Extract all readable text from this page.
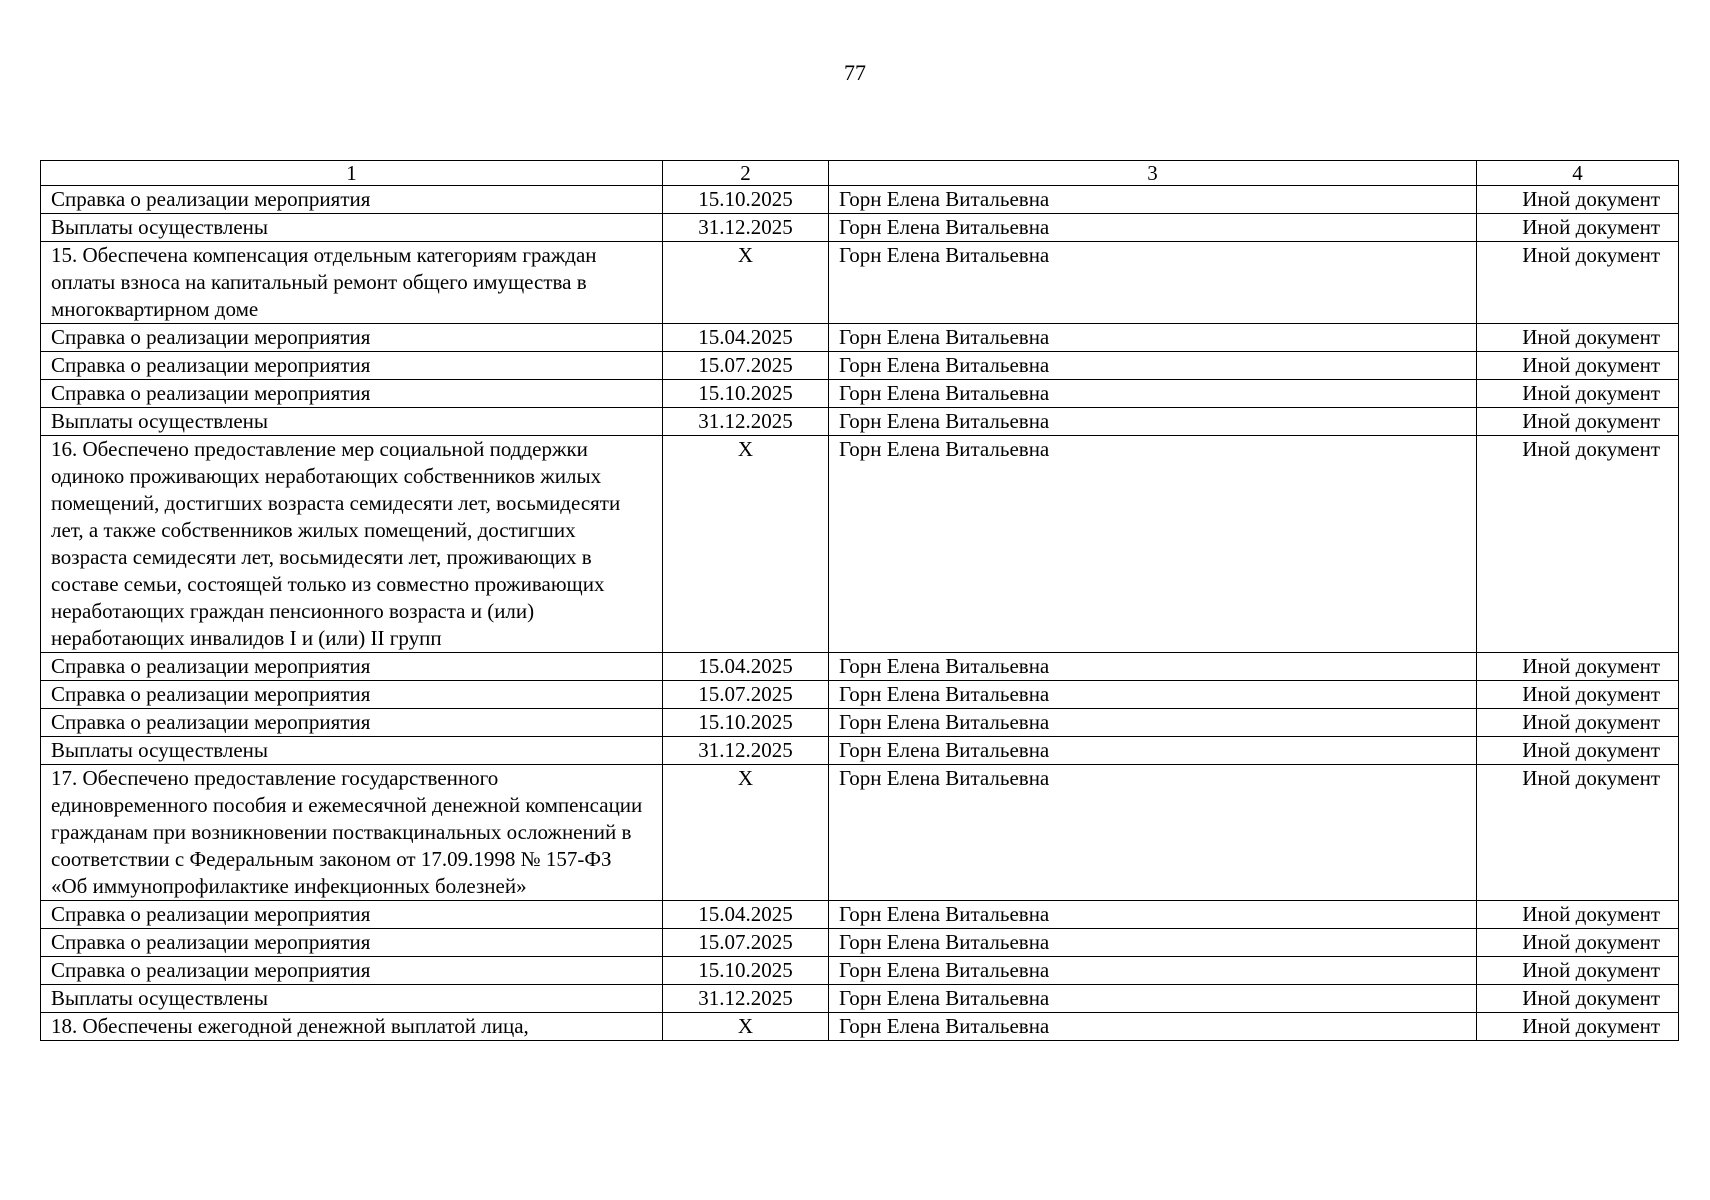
77
1	2	3	4
Справка о реализации мероприятия	15.10.2025	Горн Елена Витальевна	Иной документ
Выплаты осуществлены	31.12.2025	Горн Елена Витальевна	Иной документ
15. Обеспечена компенсация отдельным категориям граждан оплаты взноса на капитальный ремонт общего имущества в многоквартирном доме	X	Горн Елена Витальевна	Иной документ
Справка о реализации мероприятия	15.04.2025	Горн Елена Витальевна	Иной документ
Справка о реализации мероприятия	15.07.2025	Горн Елена Витальевна	Иной документ
Справка о реализации мероприятия	15.10.2025	Горн Елена Витальевна	Иной документ
Выплаты осуществлены	31.12.2025	Горн Елена Витальевна	Иной документ
16. Обеспечено предоставление мер социальной поддержки одиноко проживающих неработающих собственников жилых помещений, достигших возраста семидесяти лет, восьмидесяти лет, а также собственников жилых помещений, достигших возраста семидесяти лет, восьмидесяти лет, проживающих в составе семьи, состоящей только из совместно проживающих неработающих граждан пенсионного возраста и (или) неработающих инвалидов I и (или) II групп	X	Горн Елена Витальевна	Иной документ
Справка о реализации мероприятия	15.04.2025	Горн Елена Витальевна	Иной документ
Справка о реализации мероприятия	15.07.2025	Горн Елена Витальевна	Иной документ
Справка о реализации мероприятия	15.10.2025	Горн Елена Витальевна	Иной документ
Выплаты осуществлены	31.12.2025	Горн Елена Витальевна	Иной документ
17. Обеспечено предоставление государственного единовременного пособия и ежемесячной денежной компенсации гражданам при возникновении поствакцинальных осложнений в соответствии с Федеральным законом от 17.09.1998 № 157-ФЗ «Об иммунопрофилактике инфекционных болезней»	X	Горн Елена Витальевна	Иной документ
Справка о реализации мероприятия	15.04.2025	Горн Елена Витальевна	Иной документ
Справка о реализации мероприятия	15.07.2025	Горн Елена Витальевна	Иной документ
Справка о реализации мероприятия	15.10.2025	Горн Елена Витальевна	Иной документ
Выплаты осуществлены	31.12.2025	Горн Елена Витальевна	Иной документ
18. Обеспечены ежегодной денежной выплатой лица,	X	Горн Елена Витальевна	Иной документ
